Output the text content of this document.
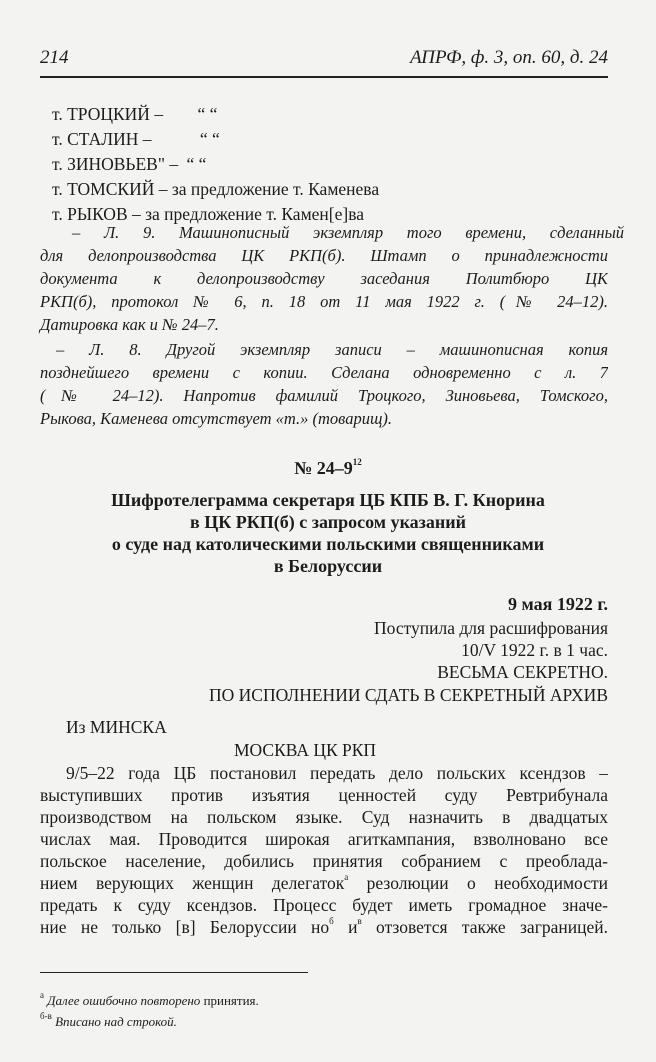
214	АПРФ, ф. 3, оп. 60, д. 24
т. ТРОЦКИЙ – “ “
т. СТАЛИН –	“ “
т. ЗИНОВЬЕВ" – “ “
т. ТОМСКИЙ – за предложение т. Каменева
т. РЫКОВ – за предложение т. Камен[е]ва
– Л. 9. Машинописный экземпляр того времени, сделанный
для делопроизводства ЦК РКП(б). Штамп о принадлежности
документа к делопроизводству заседания Политбюро ЦК
РКП(б), протокол № 6, п. 18 от 11 мая 1922 г. (№ 24–12).
Датировка как и № 24–7.
– Л. 8. Другой экземпляр записи – машинописная копия
позднейшего времени с копии. Сделана одновременно с л. 7
(№ 24–12). Напротив фамилий Троцкого, Зиновьева, Томского,
Рыкова, Каменева отсутствует «т.» (товарищ).
№ $24-9^{12}$
Шифротелеграмма секретаря ЦБ КПБ В. Г. Кнорина
в ЦК РКП(б) с запросом указаний
о суде над католическими польскими священниками
в Белоруссии
9 мая 1922 г.
Поступила для расшифрования
10/V 1922 г. в 1 час.
ВЕСЬМА СЕКРЕТНО.
ПО ИСПОЛНЕНИИ СДАТЬ В СЕКРЕТНЫЙ АРХИВ
Из МИНСКА
МОСКВА ЦК РКП
9/5–22 года ЦБ постановил передать дело польских ксендзов –
выступивших против изъятия ценностей суду Ревтрибунала
производством на польском языке. Суд назначить в двадцатых
числах мая. Проводится широкая агиткампания, взволновано все
польское население, добились принятия собранием с преоблада-
нием верующих женщин делегаток$^а$ резолюции о необходимости
предать к суду ксендзов. Процесс будет иметь громадное значе-
ние не только [в] Белоруссии $но^б$ $и^в$ отзовется также заграницей.
$^а$ Далее ошибочно повторено принятия.
$^{б-в}$ Вписано над строкой.
